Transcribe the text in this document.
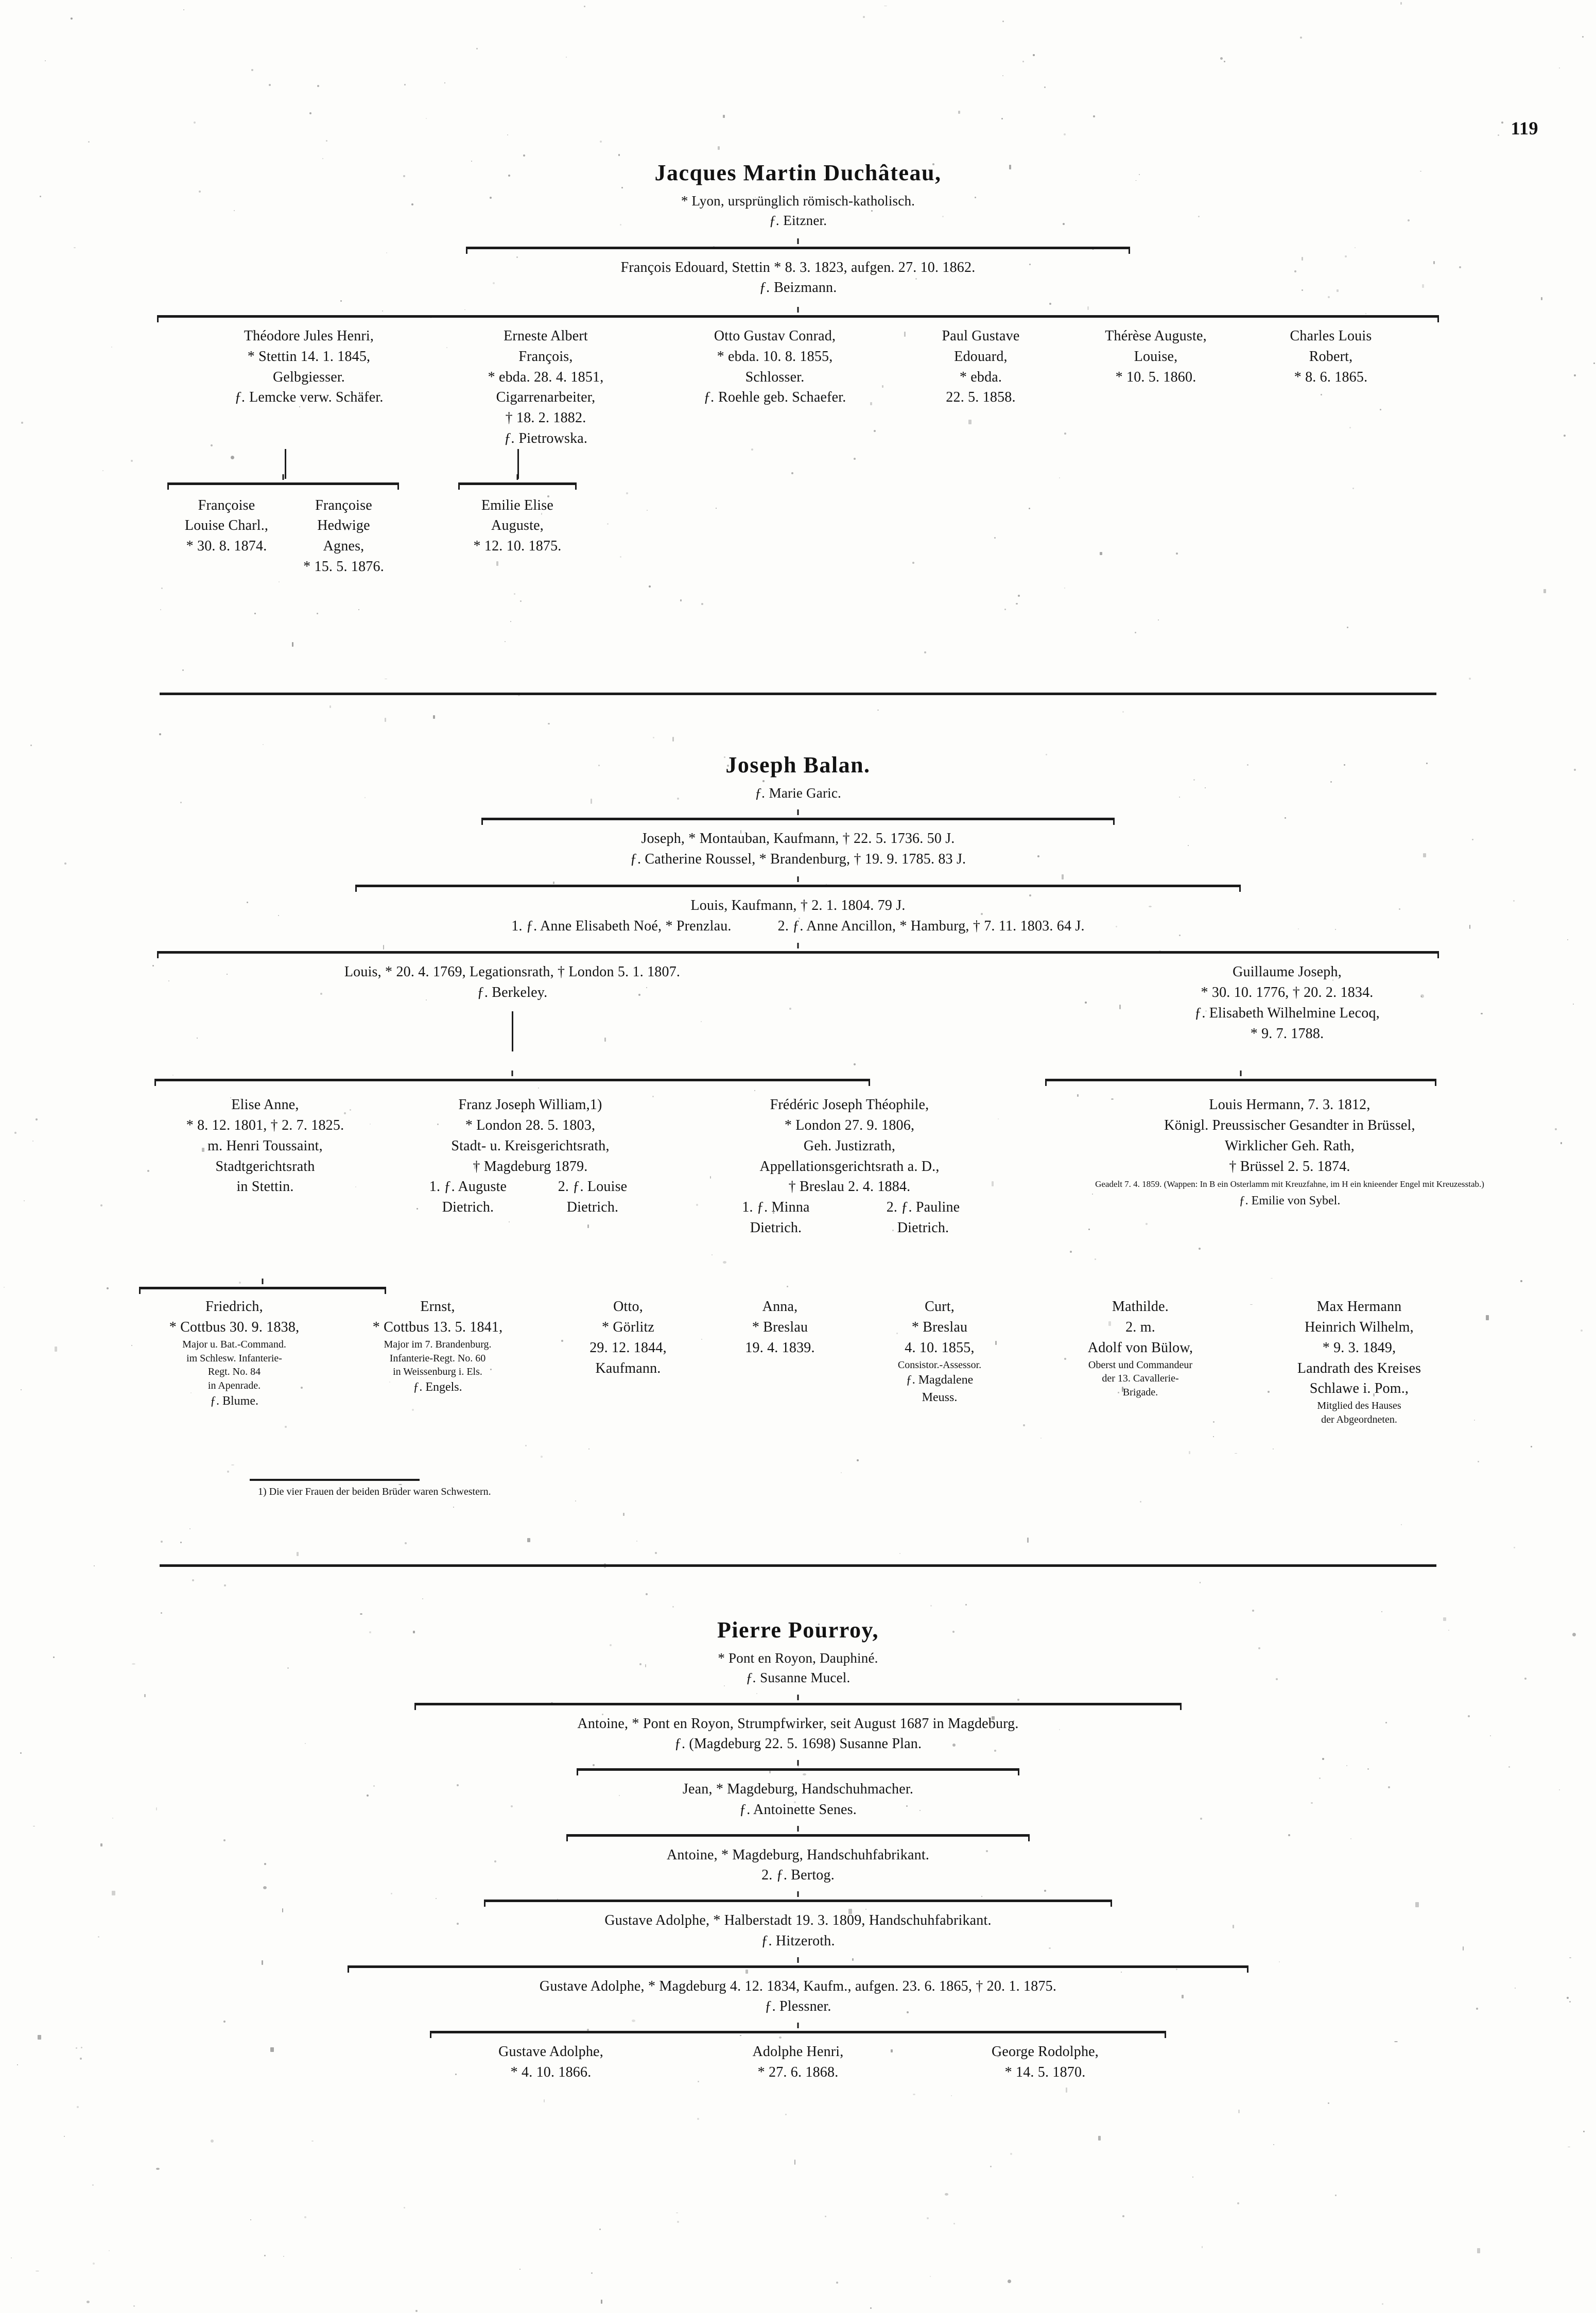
119
Jacques Martin Duchâteau,
* Lyon, ursprünglich römisch-katholisch.
ƒ. Eitzner.
François Edouard, Stettin * 8. 3. 1823, aufgen. 27. 10. 1862.
ƒ. Beizmann.
Théodore Jules Henri,
* Stettin 14. 1. 1845,
Gelbgiesser.
ƒ. Lemcke verw. Schäfer.
Erneste Albert
François,
* ebda. 28. 4. 1851,
Cigarrenarbeiter,
† 18. 2. 1882.
ƒ. Pietrowska.
Otto Gustav Conrad,
* ebda. 10. 8. 1855,
Schlosser.
ƒ. Roehle geb. Schaefer.
Paul Gustave
Edouard,
* ebda.
22. 5. 1858.
Thérèse Auguste,
Louise,
* 10. 5. 1860.
Charles Louis
Robert,
* 8. 6. 1865.
Françoise
Louise Charl.,
* 30. 8. 1874.
Françoise
Hedwige
Agnes,
* 15. 5. 1876.
Emilie Elise
Auguste,
* 12. 10. 1875.
Joseph Balan.
ƒ. Marie Garic.
Joseph, * Montauban, Kaufmann, † 22. 5. 1736. 50 J.
ƒ. Catherine Roussel, * Brandenburg, † 19. 9. 1785. 83 J.
Louis, Kaufmann, † 2. 1. 1804. 79 J.
1. ƒ. Anne Elisabeth Noé, * Prenzlau.	2. ƒ. Anne Ancillon, * Hamburg, † 7. 11. 1803. 64 J.
Louis, * 20. 4. 1769, Legationsrath, † London 5. 1. 1807.
ƒ. Berkeley.
Guillaume Joseph,
* 30. 10. 1776, † 20. 2. 1834.
ƒ. Elisabeth Wilhelmine Lecoq,
* 9. 7. 1788.
Elise Anne,
* 8. 12. 1801, † 2. 7. 1825.
m. Henri Toussaint,
Stadtgerichtsrath
in Stettin.
Franz Joseph William,1)
* London 28. 5. 1803,
Stadt- u. Kreisgerichtsrath,
† Magdeburg 1879.
1. ƒ. Auguste
Dietrich.
2. ƒ. Louise
Dietrich.
Frédéric Joseph Théophile,
* London 27. 9. 1806,
Geh. Justizrath,
Appellationsgerichtsrath a. D.,
† Breslau 2. 4. 1884.
1. ƒ. Minna
Dietrich.
2. ƒ. Pauline
Dietrich.
Louis Hermann, 7. 3. 1812,
Königl. Preussischer Gesandter in Brüssel,
Wirklicher Geh. Rath,
† Brüssel 2. 5. 1874.
Geadelt 7. 4. 1859. (Wappen: In B ein Osterlamm mit Kreuzfahne, im H ein knieender Engel mit Kreuzesstab.)
ƒ. Emilie von Sybel.
Friedrich,
* Cottbus 30. 9. 1838,
Major u. Bat.-Command.
im Schlesw. Infanterie-
Regt. No. 84
in Apenrade.
ƒ. Blume.
Ernst,
* Cottbus 13. 5. 1841,
Major im 7. Brandenburg.
Infanterie-Regt. No. 60
in Weissenburg i. Els.
ƒ. Engels.
Otto,
* Görlitz
29. 12. 1844,
Kaufmann.
Anna,
* Breslau
19. 4. 1839.
Curt,
* Breslau
4. 10. 1855,
Consistor.-Assessor.
ƒ. Magdalene
Meuss.
Mathilde.
2. m.
Adolf von Bülow,
Oberst und Commandeur
der 13. Cavallerie-
Brigade.
Max Hermann
Heinrich Wilhelm,
* 9. 3. 1849,
Landrath des Kreises
Schlawe i. Pom.,
Mitglied des Hauses
der Abgeordneten.
1) Die vier Frauen der beiden Brüder waren Schwestern.
Pierre Pourroy,
* Pont en Royon, Dauphiné.
ƒ. Susanne Mucel.
Antoine, * Pont en Royon, Strumpfwirker, seit August 1687 in Magdeburg.
ƒ. (Magdeburg 22. 5. 1698) Susanne Plan.
Jean, * Magdeburg, Handschuhmacher.
ƒ. Antoinette Senes.
Antoine, * Magdeburg, Handschuhfabrikant.
2. ƒ. Bertog.
Gustave Adolphe, * Halberstadt 19. 3. 1809, Handschuhfabrikant.
ƒ. Hitzeroth.
Gustave Adolphe, * Magdeburg 4. 12. 1834, Kaufm., aufgen. 23. 6. 1865, † 20. 1. 1875.
ƒ. Plessner.
Gustave Adolphe,
* 4. 10. 1866.
Adolphe Henri,
* 27. 6. 1868.
George Rodolphe,
* 14. 5. 1870.
